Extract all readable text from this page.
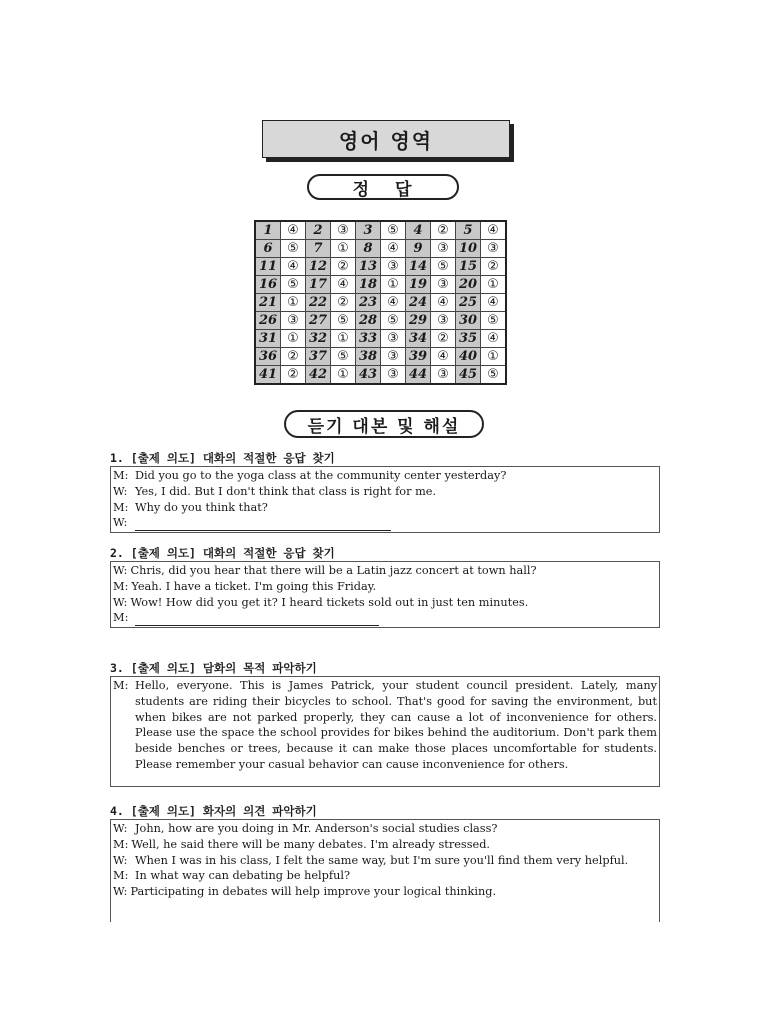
영어 영역
정 답
1	④	2	③	3	⑤	4	②	5	④
6	⑤	7	①	8	④	9	③	10	③
11	④	12	②	13	③	14	⑤	15	②
16	⑤	17	④	18	①	19	③	20	①
21	①	22	②	23	④	24	④	25	④
26	③	27	⑤	28	⑤	29	③	30	⑤
31	①	32	①	33	③	34	②	35	④
36	②	37	⑤	38	③	39	④	40	①
41	②	42	①	43	③	44	③	45	⑤
듣기 대본 및 해설
1. [출제 의도] 대화의 적절한 응답 찾기
M: Did you go to the yoga class at the community center yesterday?
W: Yes, I did. But I don't think that class is right for me.
M: Why do you think that?
W:
2. [출제 의도] 대화의 적절한 응답 찾기
W: Chris, did you hear that there will be a Latin jazz concert at town hall?
M: Yeah. I have a ticket. I'm going this Friday.
W: Wow! How did you get it? I heard tickets sold out in just ten minutes.
M:
3. [출제 의도] 담화의 목적 파악하기
M: Hello, everyone. This is James Patrick, your student council president. Lately, many students are riding their bicycles to school. That's good for saving the environment, but when bikes are not parked properly, they can cause a lot of inconvenience for others. Please use the space the school provides for bikes behind the auditorium. Don't park them beside benches or trees, because it can make those places uncomfortable for students. Please remember your casual behavior can cause inconvenience for others.
4. [출제 의도] 화자의 의견 파악하기
W: John, how are you doing in Mr. Anderson's social studies class?
M: Well, he said there will be many debates. I'm already stressed.
W: When I was in his class, I felt the same way, but I'm sure you'll find them very helpful.
M: In what way can debating be helpful?
W: Participating in debates will help improve your logical thinking.
